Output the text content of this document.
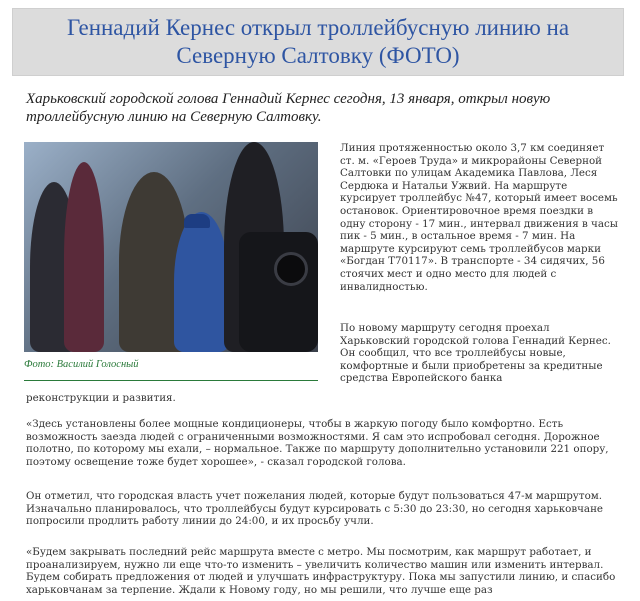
Геннадий Кернес открыл троллейбусную линию на Северную Салтовку (ФОТО)

Харьковский городской голова Геннадий Кернес сегодня, 13 января, открыл новую троллейбусную линию на Северную Салтовку.

Фото: Василий Голосный

Линия протяженностью около 3,7 км соединяет ст. м. «Героев Труда» и микрорайоны Северной Салтовки по улицам Академика Павлова, Леся Сердюка и Натальи Ужвий. На маршруте курсирует троллейбус №47, который имеет восемь остановок. Ориентировочное время поездки в одну сторону - 17 мин., интервал движения в часы пик - 5 мин., в остальное время - 7 мин. На маршруте курсируют семь троллейбусов марки «Богдан Т70117». В транспорте - 34 сидячих, 56 стоячих мест и одно место для людей с инвалидностью.

По новому маршруту сегодня проехал Харьковский городской голова Геннадий Кернес. Он сообщил, что все троллейбусы новые, комфортные и были приобретены за кредитные средства Европейского банка

реконструкции и развития.

«Здесь установлены более мощные кондиционеры, чтобы в жаркую погоду было комфортно. Есть возможность заезда людей с ограниченными возможностями. Я сам это испробовал сегодня. Дорожное полотно, по которому мы ехали, – нормальное. Также по маршруту дополнительно установили 221 опору, поэтому освещение тоже будет хорошее», - сказал городской голова.

Он отметил, что городская власть учет пожелания людей, которые будут пользоваться 47-м маршрутом. Изначально планировалось, что троллейбусы будут курсировать с 5:30 до 23:30, но сегодня харьковчане попросили продлить работу линии до 24:00, и их просьбу учли.

«Будем закрывать последний рейс маршрута вместе с метро. Мы посмотрим, как маршрут работает, и проанализируем, нужно ли еще что-то изменить – увеличить количество машин или изменить интервал. Будем собирать предложения от людей и улучшать инфраструктуру. Пока мы запустили линию, и спасибо харьковчанам за терпение. Ждали к Новому году, но мы решили, что лучше еще раз
